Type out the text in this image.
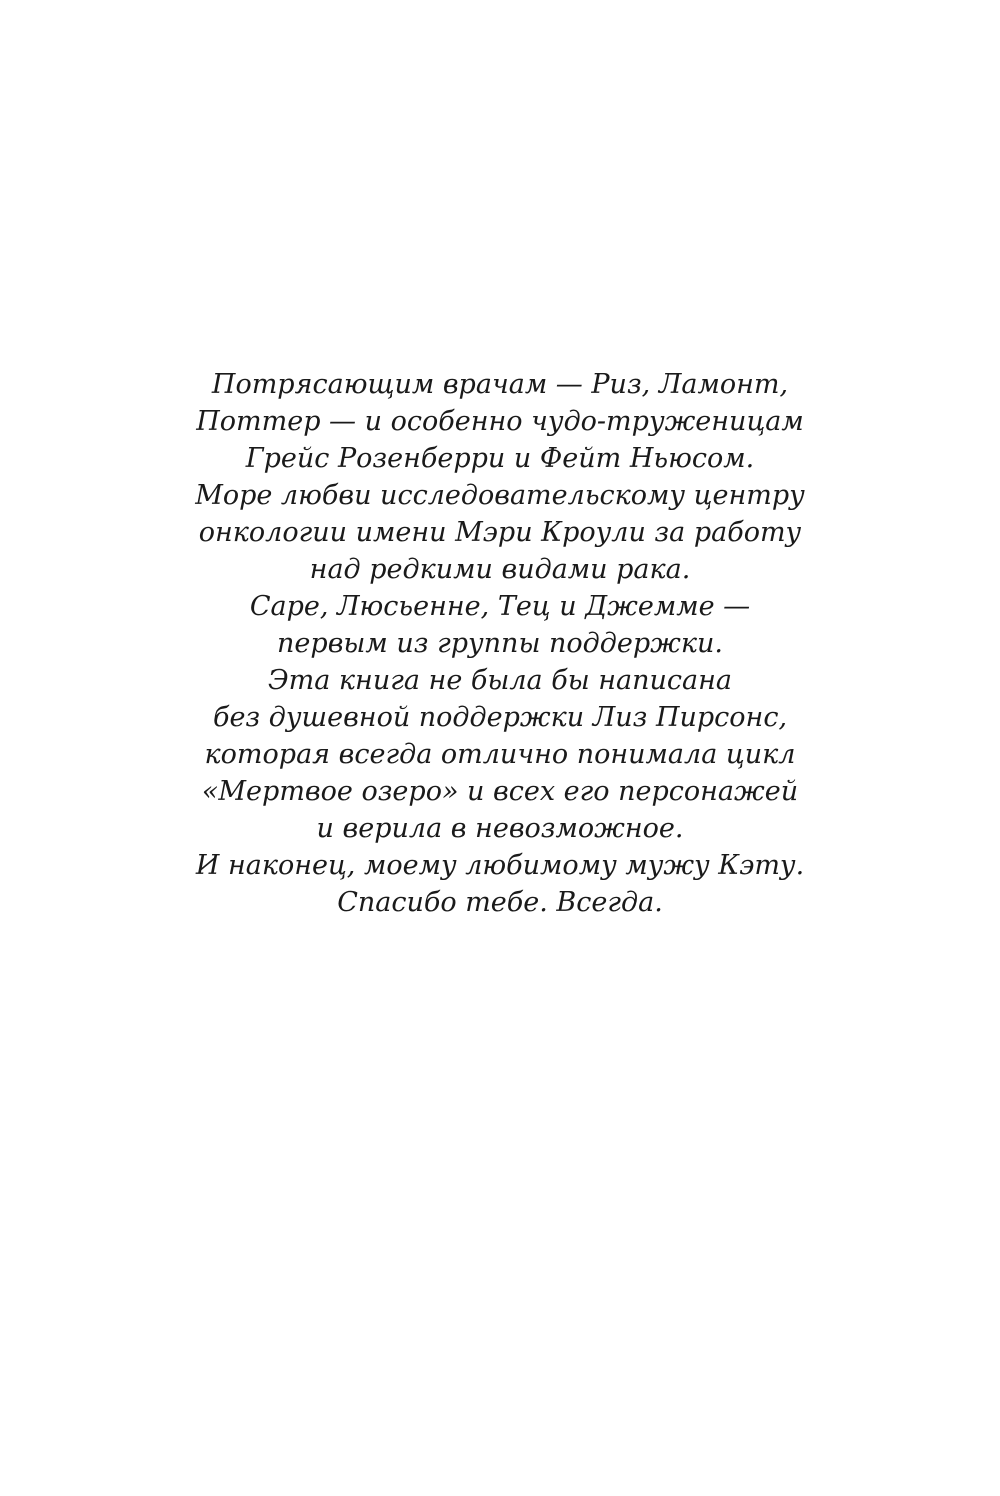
Потрясающим врачам — Риз, Ламонт,
Поттер — и особенно чудо-труженицам
Грейс Розенберри и Фейт Ньюсом.
Море любви исследовательскому центру
онкологии имени Мэри Кроули за работу
над редкими видами рака.
Саре, Люсьенне, Тец и Джемме —
первым из группы поддержки.
Эта книга не была бы написана
без душевной поддержки Лиз Пирсонс,
которая всегда отлично понимала цикл
«Мертвое озеро» и всех его персонажей
и верила в невозможное.
И наконец, моему любимому мужу Кэту.
Спасибо тебе. Всегда.
